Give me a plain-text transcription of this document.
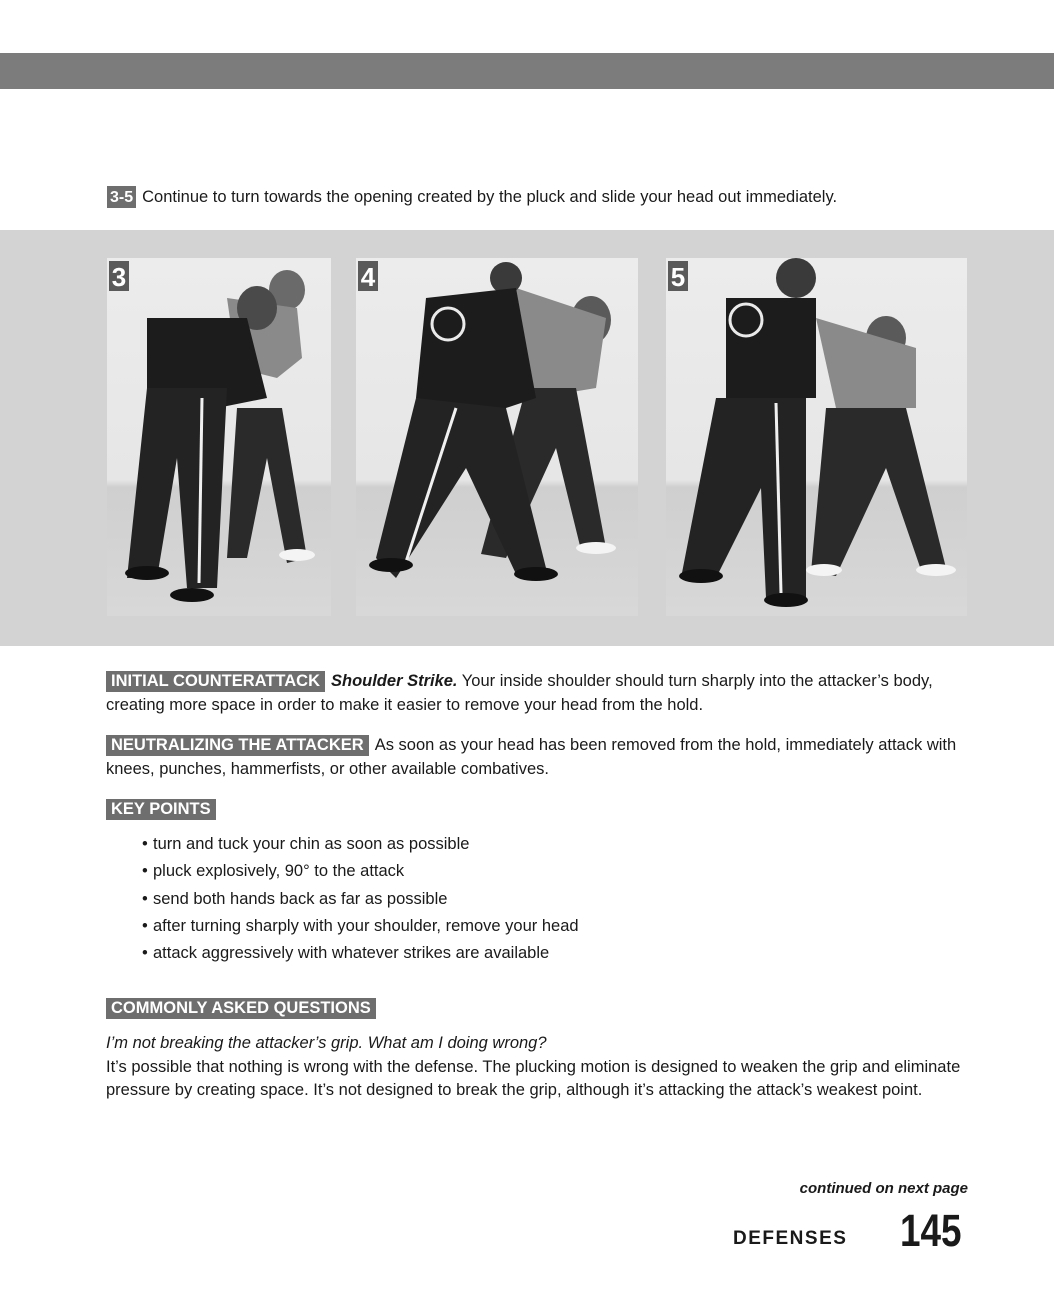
3-5 Continue to turn towards the opening created by the pluck and slide your head out immediately.
3	4	5
INITIAL COUNTERATTACK Shoulder Strike. Your inside shoulder should turn sharply into the attacker’s body, creating more space in order to make it easier to remove your head from the hold.
NEUTRALIZING THE ATTACKER As soon as your head has been removed from the hold, immediately attack with knees, punches, hammerfists, or other available combatives.
KEY POINTS
• turn and tuck your chin as soon as possible
• pluck explosively, 90° to the attack
• send both hands back as far as possible
• after turning sharply with your shoulder, remove your head
• attack aggressively with whatever strikes are available
COMMONLY ASKED QUESTIONS
I’m not breaking the attacker’s grip. What am I doing wrong?
It’s possible that nothing is wrong with the defense. The plucking motion is designed to weaken the grip and eliminate pressure by creating space. It’s not designed to break the grip, although it’s attacking the attack’s weakest point.
continued on next page
DEFENSES 145
